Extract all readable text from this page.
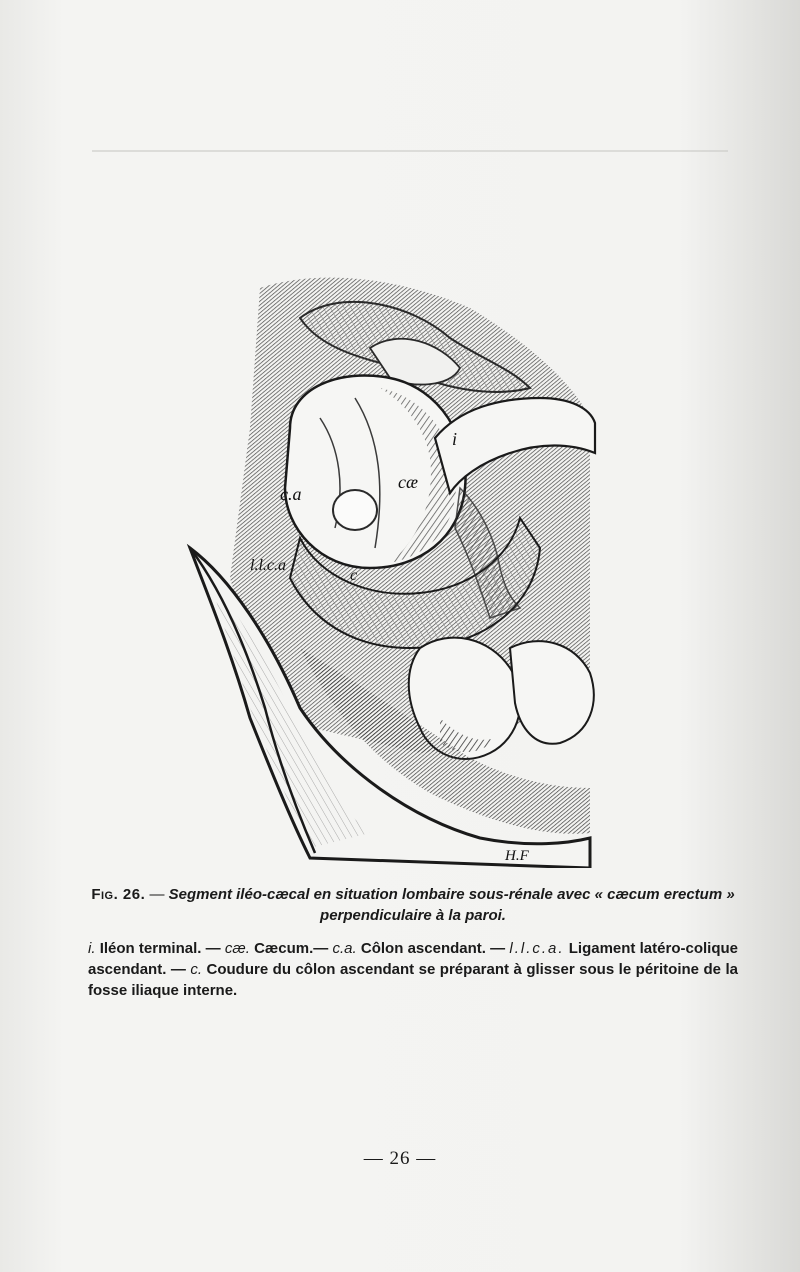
i
cæ
c.a
l.l.c.a
c
H.F

Fig. 26. — Segment iléo-cæcal en situation lombaire sous-rénale avec « cæcum erectum »
perpendiculaire à la paroi.

i. Iléon terminal. — cæ. Cæcum.— c.a. Côlon ascendant. — l.l.c.a. Ligament latéro-colique ascendant. — c. Coudure du côlon ascendant se préparant à glisser sous le péritoine de la fosse iliaque interne.

— 26 —
